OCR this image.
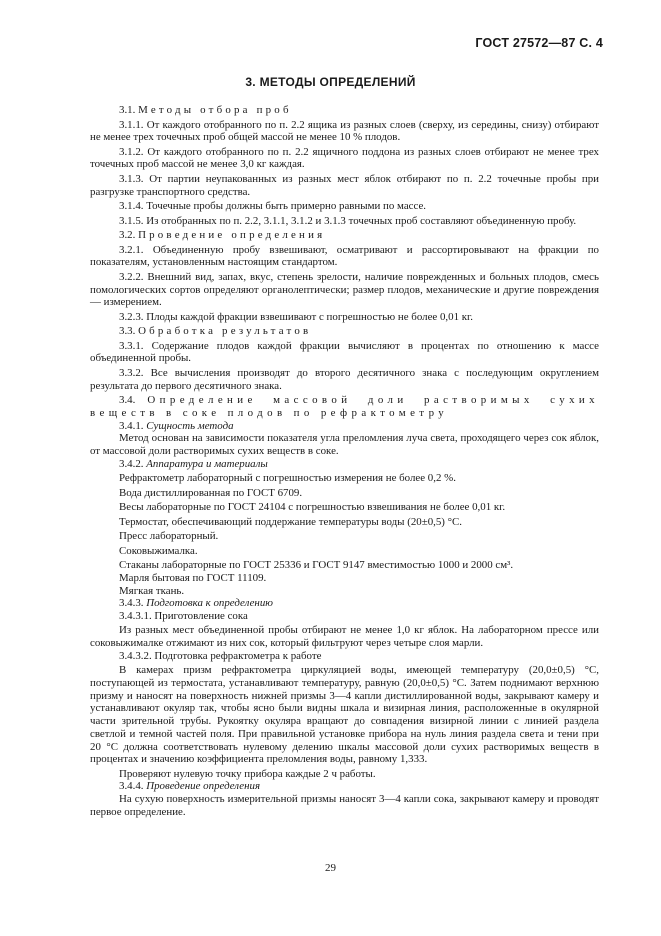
ГОСТ 27572—87 С. 4
3. МЕТОДЫ ОПРЕДЕЛЕНИЙ

3.1. Методы отбора проб

3.1.1. От каждого отобранного по п. 2.2 ящика из разных слоев (сверху, из середины, снизу) отбирают не менее трех точечных проб общей массой не менее 10 % плодов.

3.1.2. От каждого отобранного по п. 2.2 ящичного поддона из разных слоев отбирают не менее трех точечных проб массой не менее 3,0 кг каждая.

3.1.3. От партии неупакованных из разных мест яблок отбирают по п. 2.2 точечные пробы при разгрузке транспортного средства.

3.1.4. Точечные пробы должны быть примерно равными по массе.

3.1.5. Из отобранных по п. 2.2, 3.1.1, 3.1.2 и 3.1.3 точечных проб составляют объединенную пробу.

3.2. Проведение определения

3.2.1. Объединенную пробу взвешивают, осматривают и рассортировывают на фракции по показателям, установленным настоящим стандартом.

3.2.2. Внешний вид, запах, вкус, степень зрелости, наличие поврежденных и больных плодов, смесь помологических сортов определяют органолептически; размер плодов, механические и другие повреждения — измерением.

3.2.3. Плоды каждой фракции взвешивают с погрешностью не более 0,01 кг.

3.3. Обработка результатов

3.3.1. Содержание плодов каждой фракции вычисляют в процентах по отношению к массе объединенной пробы.

3.3.2. Все вычисления производят до второго десятичного знака с последующим округлением результата до первого десятичного знака.

3.4. Определение массовой доли растворимых сухих веществ в соке плодов по рефрактометру

3.4.1. Сущность метода

Метод основан на зависимости показателя угла преломления луча света, проходящего через сок яблок, от массовой доли растворимых сухих веществ в соке.

3.4.2. Аппаратура и материалы

Рефрактометр лабораторный с погрешностью измерения не более 0,2 %.

Вода дистиллированная по ГОСТ 6709.

Весы лабораторные по ГОСТ 24104 с погрешностью взвешивания не более 0,01 кг.

Термостат, обеспечивающий поддержание температуры воды (20±0,5) °С.

Пресс лабораторный.

Соковыжималка.

Стаканы лабораторные по ГОСТ 25336 и ГОСТ 9147 вместимостью 1000 и 2000 см³.

Марля бытовая по ГОСТ 11109.

Мягкая ткань.

3.4.3. Подготовка к определению

3.4.3.1. Приготовление сока

Из разных мест объединенной пробы отбирают не менее 1,0 кг яблок. На лабораторном прессе или соковыжималке отжимают из них сок, который фильтруют через четыре слоя марли.

3.4.3.2. Подготовка рефрактометра к работе

В камерах призм рефрактометра циркуляцией воды, имеющей температуру (20,0±0,5) °С, поступающей из термостата, устанавливают температуру, равную (20,0±0,5) °С. Затем поднимают верхнюю призму и наносят на поверхность нижней призмы 3—4 капли дистиллированной воды, закрывают камеру и устанавливают окуляр так, чтобы ясно были видны шкала и визирная линия, расположенные в окулярной части зрительной трубы. Рукоятку окуляра вращают до совпадения визирной линии с линией раздела светлой и темной частей поля. При правильной установке прибора на нуль линия раздела света и тени при 20 °С должна соответствовать нулевому делению шкалы массовой доли сухих растворимых веществ в процентах и значению коэффициента преломления воды, равному 1,333.

Проверяют нулевую точку прибора каждые 2 ч работы.

3.4.4. Проведение определения

На сухую поверхность измерительной призмы наносят 3—4 капли сока, закрывают камеру и проводят первое определение.

29
